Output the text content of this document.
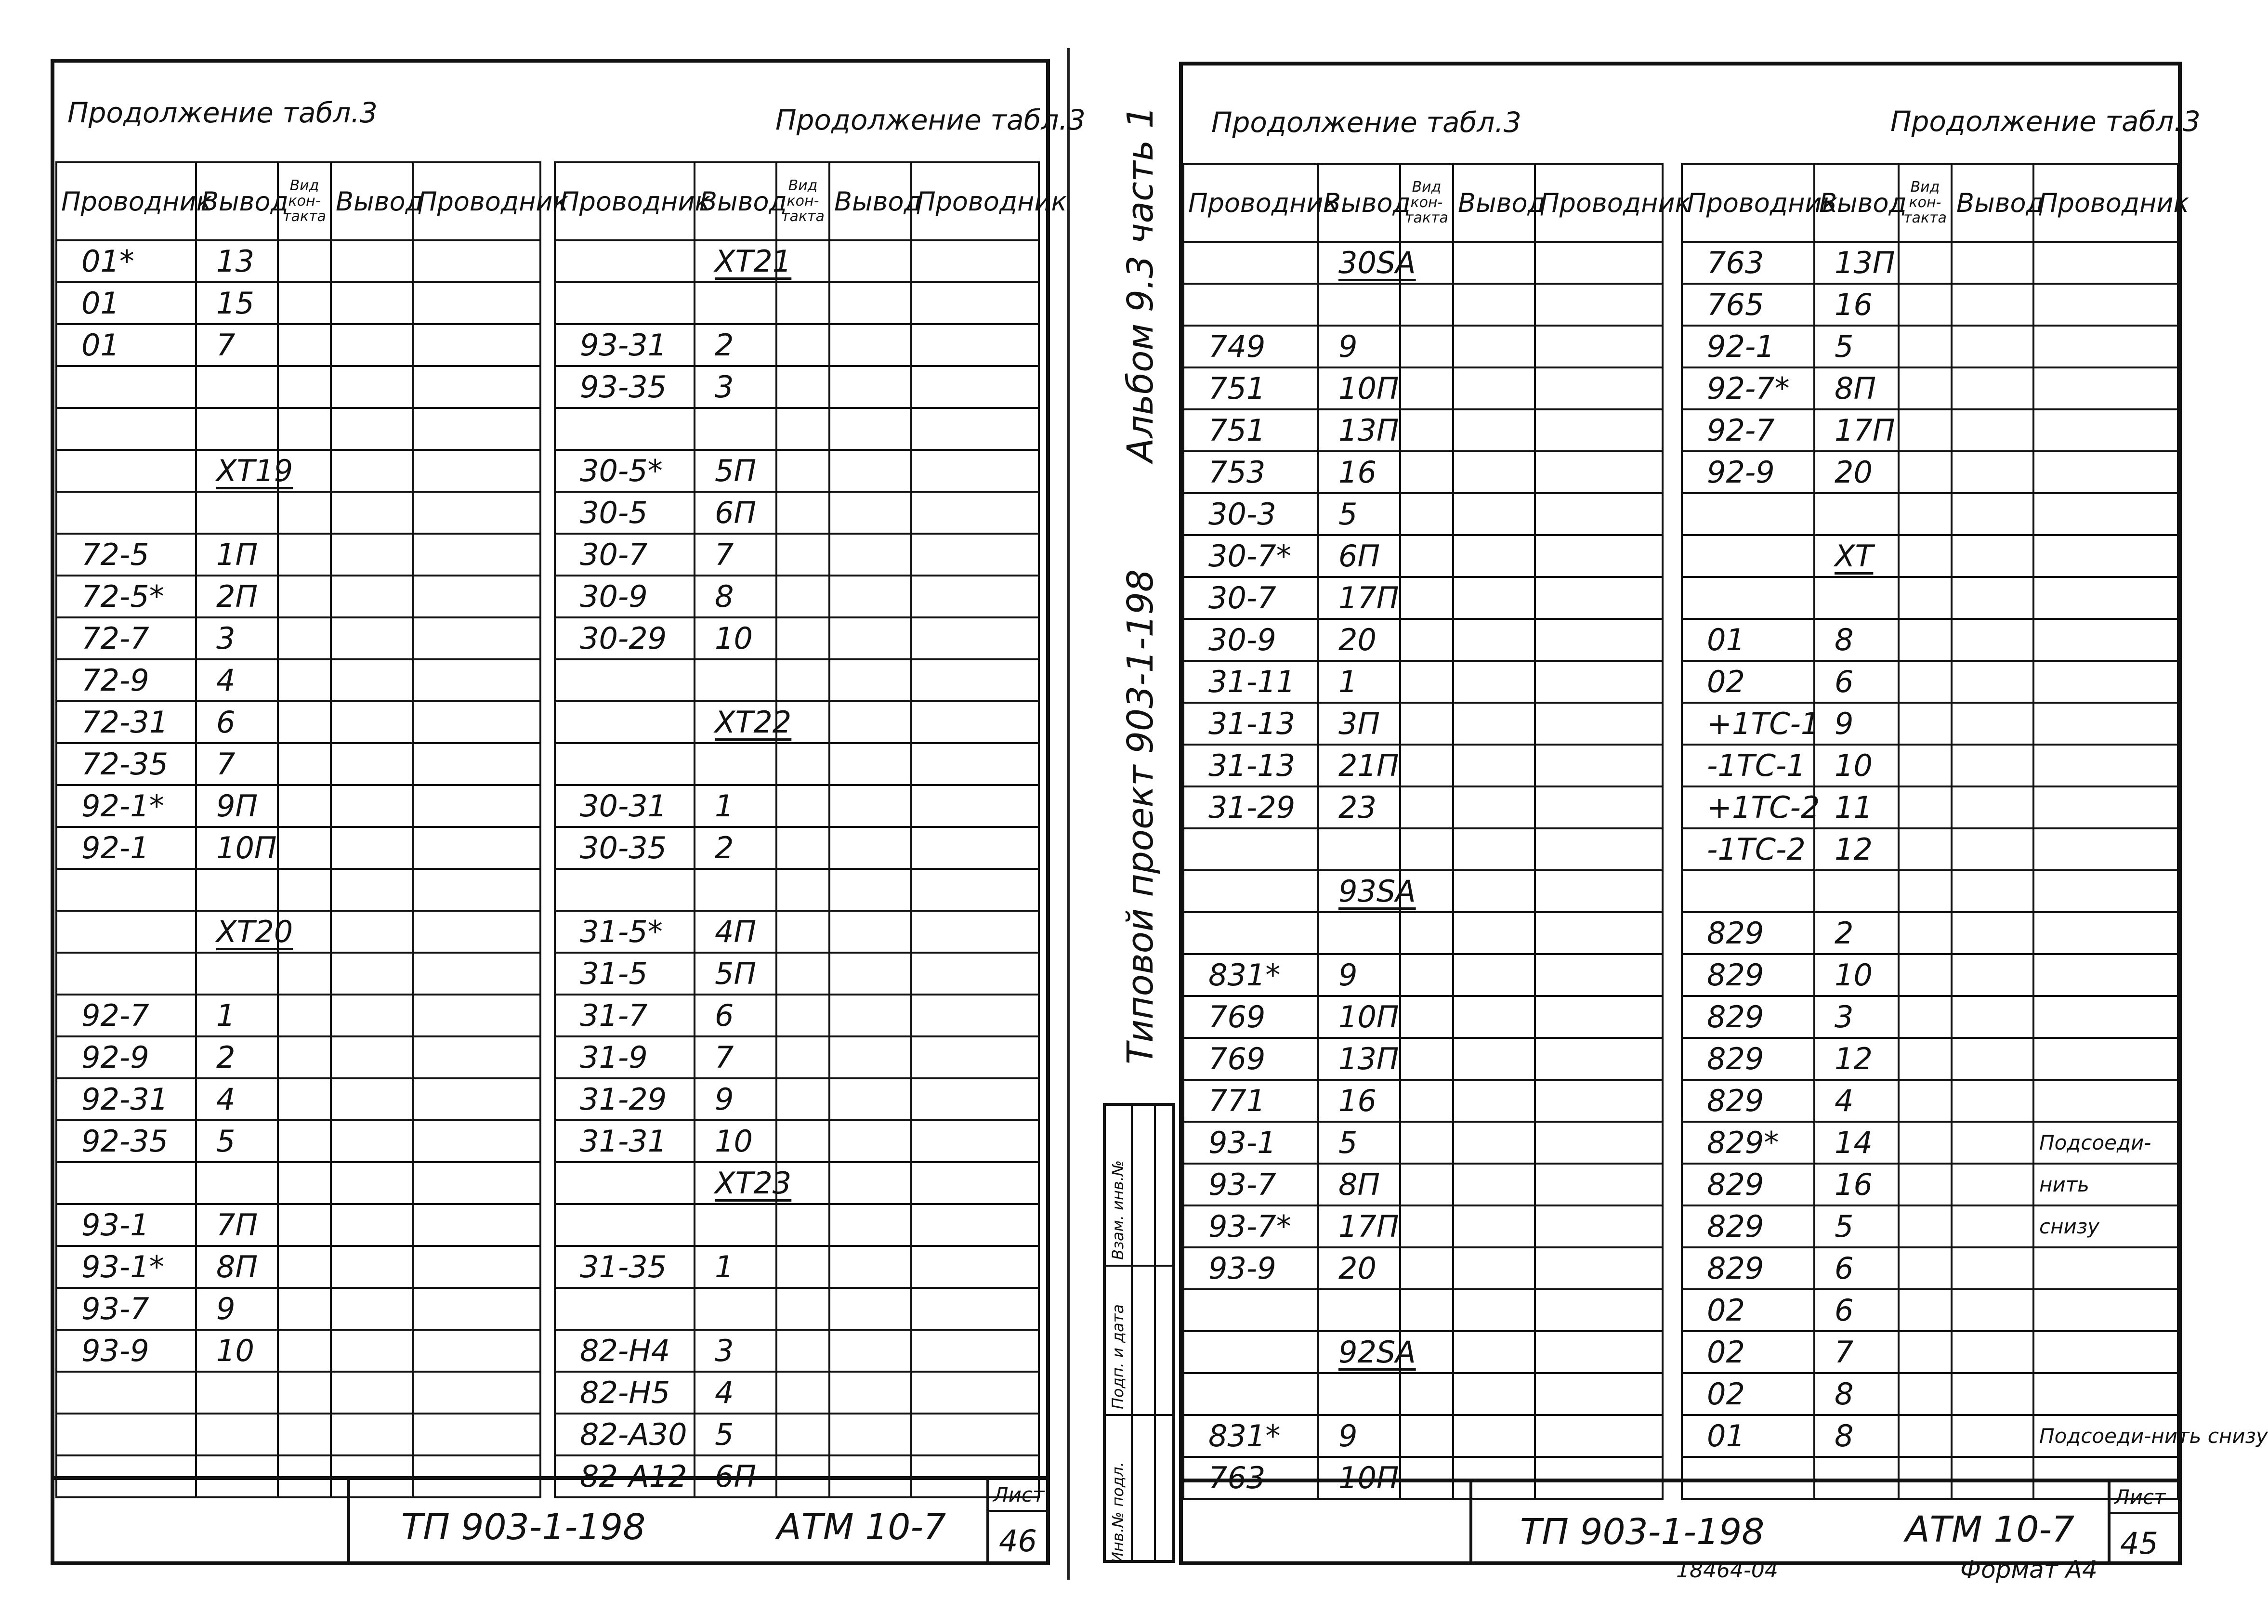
Продолжение табл.3	Продолжение табл.3
Проводник	Вывод	Вид кон-такта	Вывод	Проводник
01*	13			
01	15			
01	7			

	XT19			

72-5	1П			
72-5*	2П			
72-7	3			
72-9	4			
72-31	6			
72-35	7			
92-1*	9П			
92-1	10П			

	XT20			

92-7	1			
92-9	2			
92-31	4			
92-35	5			

93-1	7П			
93-1*	8П			
93-7	9			
93-9	10			

Проводник	Вывод	Вид кон-такта	Вывод	Проводник
	XT21			

93-31	2			
93-35	3			

30-5*	5П			
30-5	6П			
30-7	7			
30-9	8			
30-29	10			

	XT22			

30-31	1			
30-35	2			

31-5*	4П			
31-5	5П			
31-7	6			
31-9	7			
31-29	9			
31-31	10			
	XT23			

31-35	1			

82-Н4	3			
82-Н5	4			
82-А30	5			
82-А12	6П			
ТП 903-1-198	АТМ 10-7
Лист
46
Типовой проект 903-1-198
Альбом 9.3 часть 1
Инв.№ подл.
Подп. и дата
Взам. инв.№
Продолжение табл.3	Продолжение табл.3
Проводник	Вывод	Вид кон-такта	Вывод	Проводник
	30SA			

749	9			
751	10П			
751	13П			
753	16			
30-3	5			
30-7*	6П			
30-7	17П			
30-9	20			
31-11	1			
31-13	3П			
31-13	21П			
31-29	23			

	93SA			

831*	9			
769	10П			
769	13П			
771	16			
93-1	5			
93-7	8П			
93-7*	17П			
93-9	20			

	92SA			

831*	9			
763	10П			
Проводник	Вывод	Вид кон-такта	Вывод	Проводник
763	13П			
765	16			
92-1	5			
92-7*	8П			
92-7	17П			
92-9	20			

	XT			

01	8			
02	6			
+1TC-1	9			
-1TC-1	10			
+1TC-2	11			
-1TC-2	12			

829	2			
829	10			
829	3			
829	12			
829	4			
829*	14			Подсоеди-
829	16			нить
829	5			снизу
829	6			
02	6			
02	7			
02	8			
01	8			Подсоеди-нить снизу

ТП 903-1-198	АТМ 10-7
Лист
45
18464-04	Формат А4
